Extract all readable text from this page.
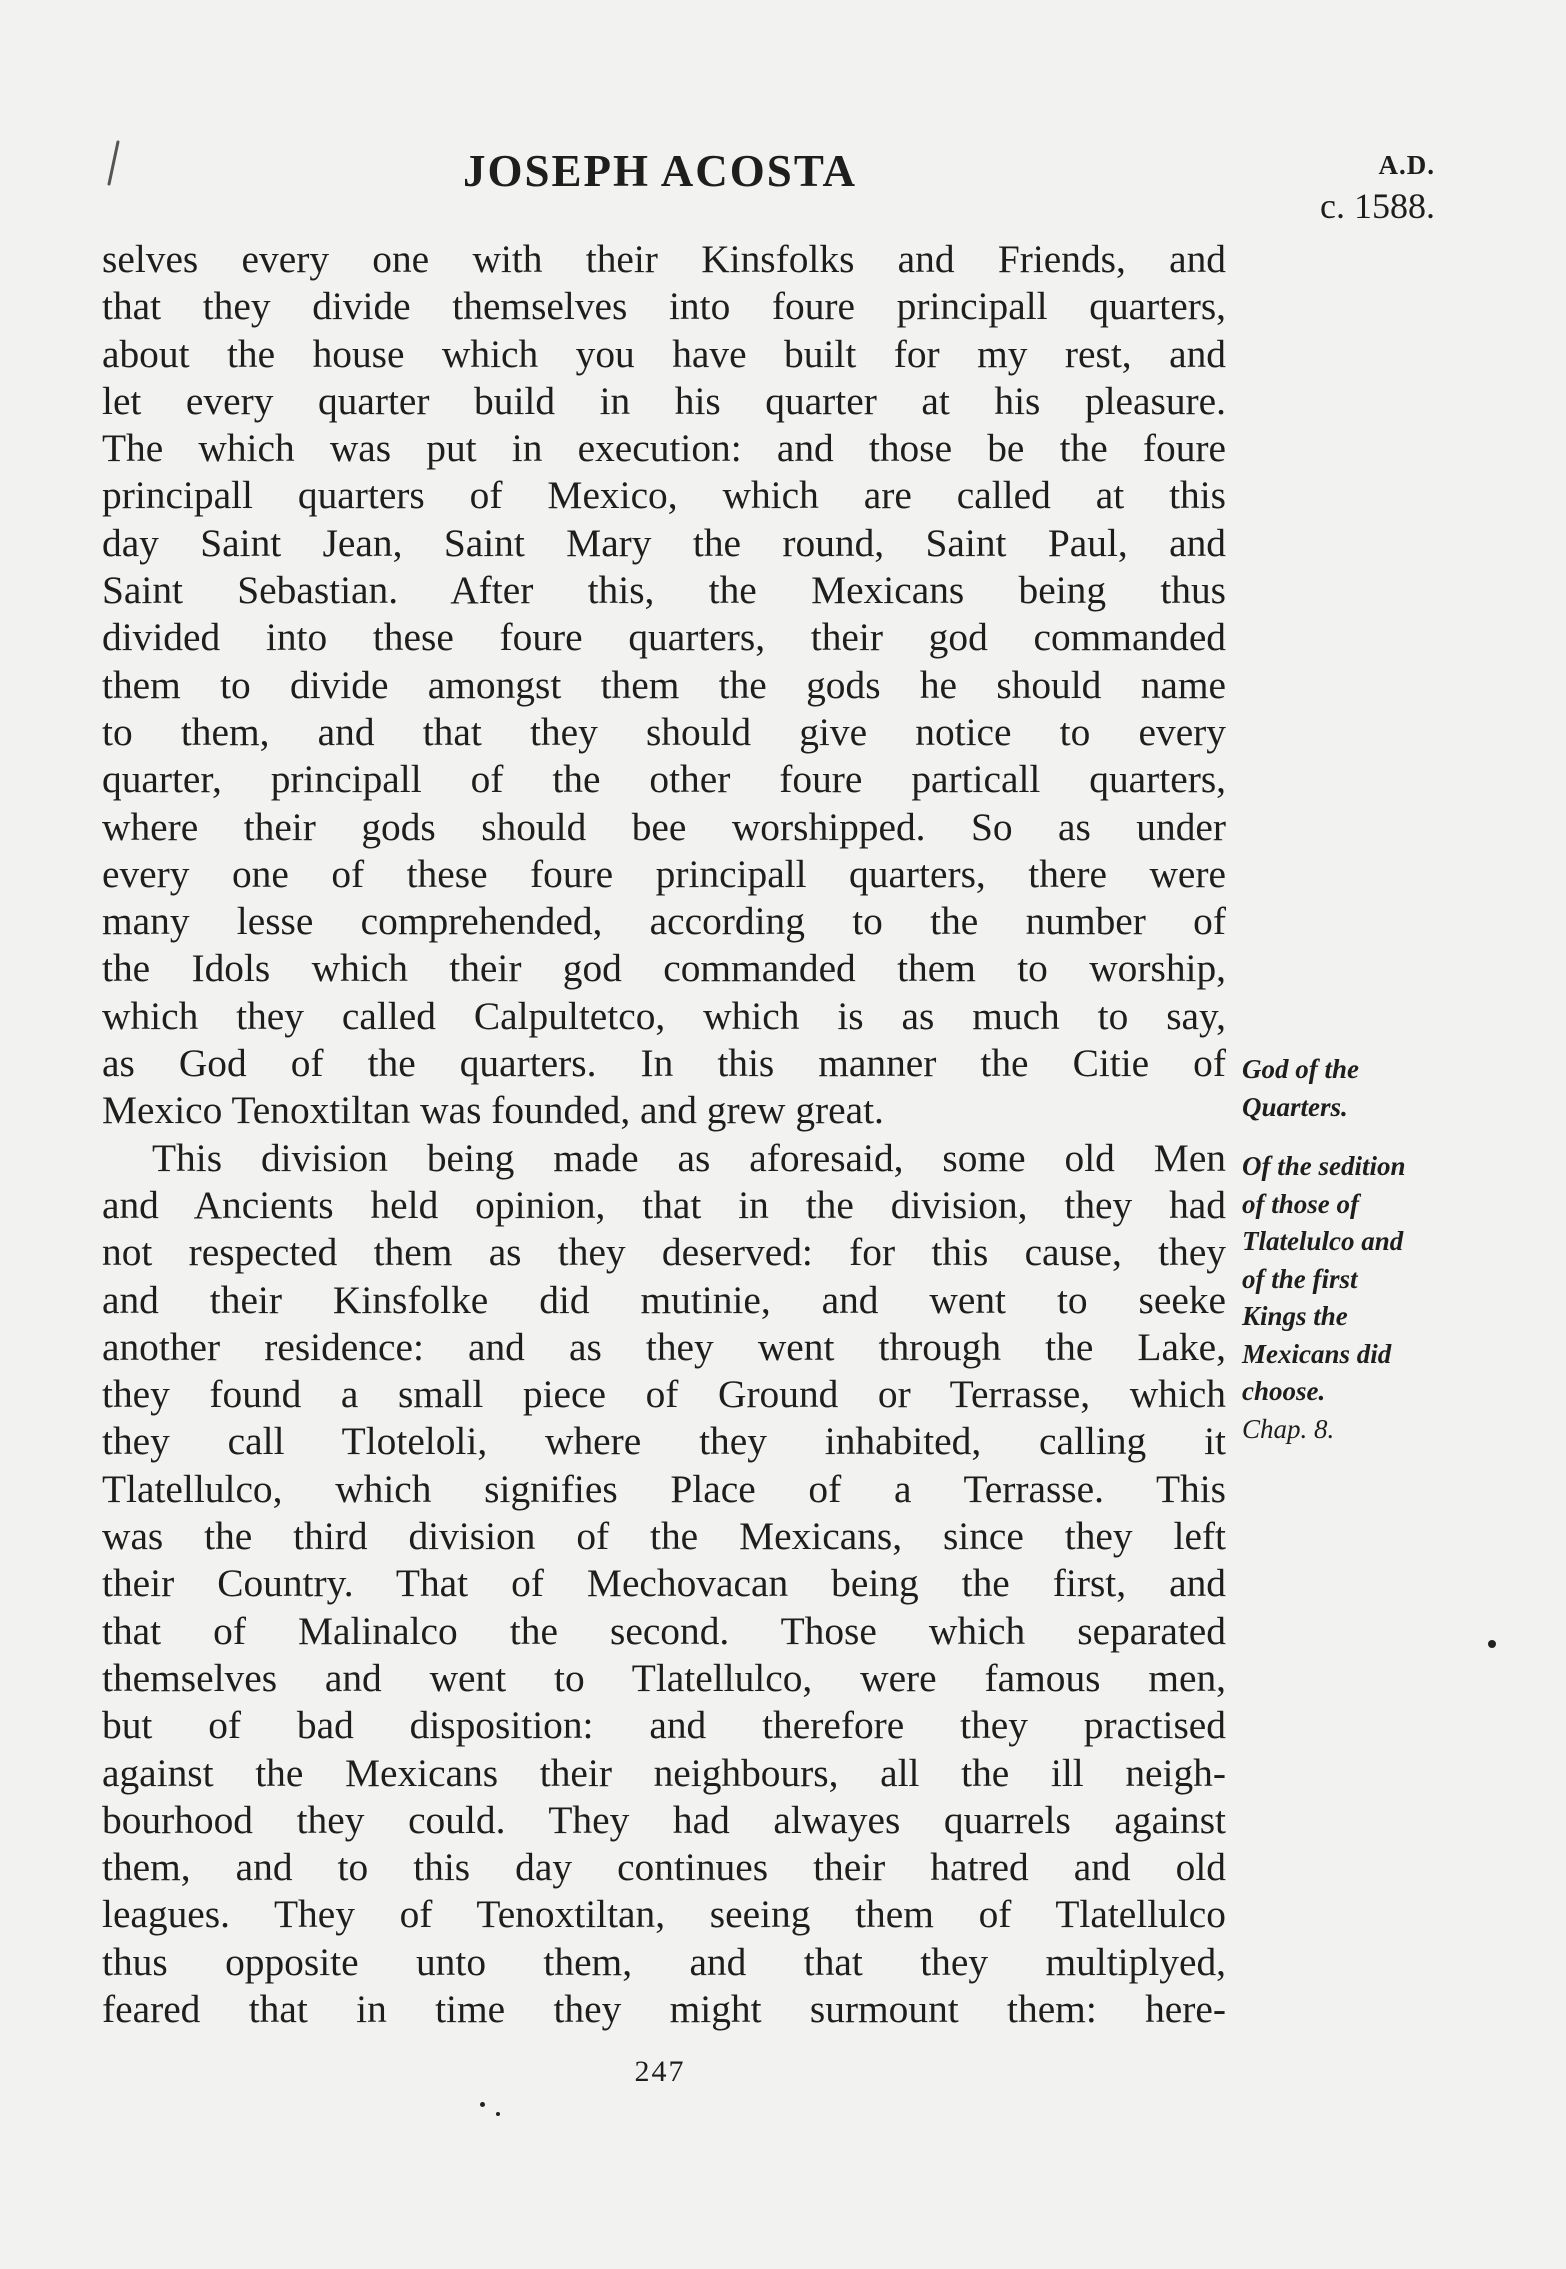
JOSEPH ACOSTA	A.D.
c. 1588.
selves every one with their Kinsfolks and Friends, and
that they divide themselves into foure principall quarters,
about the house which you have built for my rest, and
let every quarter build in his quarter at his pleasure.
The which was put in execution: and those be the foure
principall quarters of Mexico, which are called at this
day Saint Jean, Saint Mary the round, Saint Paul, and
Saint Sebastian. After this, the Mexicans being thus
divided into these foure quarters, their god commanded
them to divide amongst them the gods he should name
to them, and that they should give notice to every
quarter, principall of the other foure particall quarters,
where their gods should bee worshipped. So as under
every one of these foure principall quarters, there were
many lesse comprehended, according to the number of
the Idols which their god commanded them to worship,
which they called Calpultetco, which is as much to say,
as God of the quarters. In this manner the Citie of
Mexico Tenoxtiltan was founded, and grew great.
This division being made as aforesaid, some old Men
and Ancients held opinion, that in the division, they had
not respected them as they deserved: for this cause, they
and their Kinsfolke did mutinie, and went to seeke
another residence: and as they went through the Lake,
they found a small piece of Ground or Terrasse, which
they call Tloteloli, where they inhabited, calling it
Tlatellulco, which signifies Place of a Terrasse. This
was the third division of the Mexicans, since they left
their Country. That of Mechovacan being the first, and
that of Malinalco the second. Those which separated
themselves and went to Tlatellulco, were famous men,
but of bad disposition: and therefore they practised
against the Mexicans their neighbours, all the ill neigh-
bourhood they could. They had alwayes quarrels against
them, and to this day continues their hatred and old
leagues. They of Tenoxtiltan, seeing them of Tlatellulco
thus opposite unto them, and that they multiplyed,
feared that in time they might surmount them: here-
God of the
Quarters.
Of the sedition
of those of
Tlatelulco and
of the first
Kings the
Mexicans did
choose.
Chap. 8.
247
